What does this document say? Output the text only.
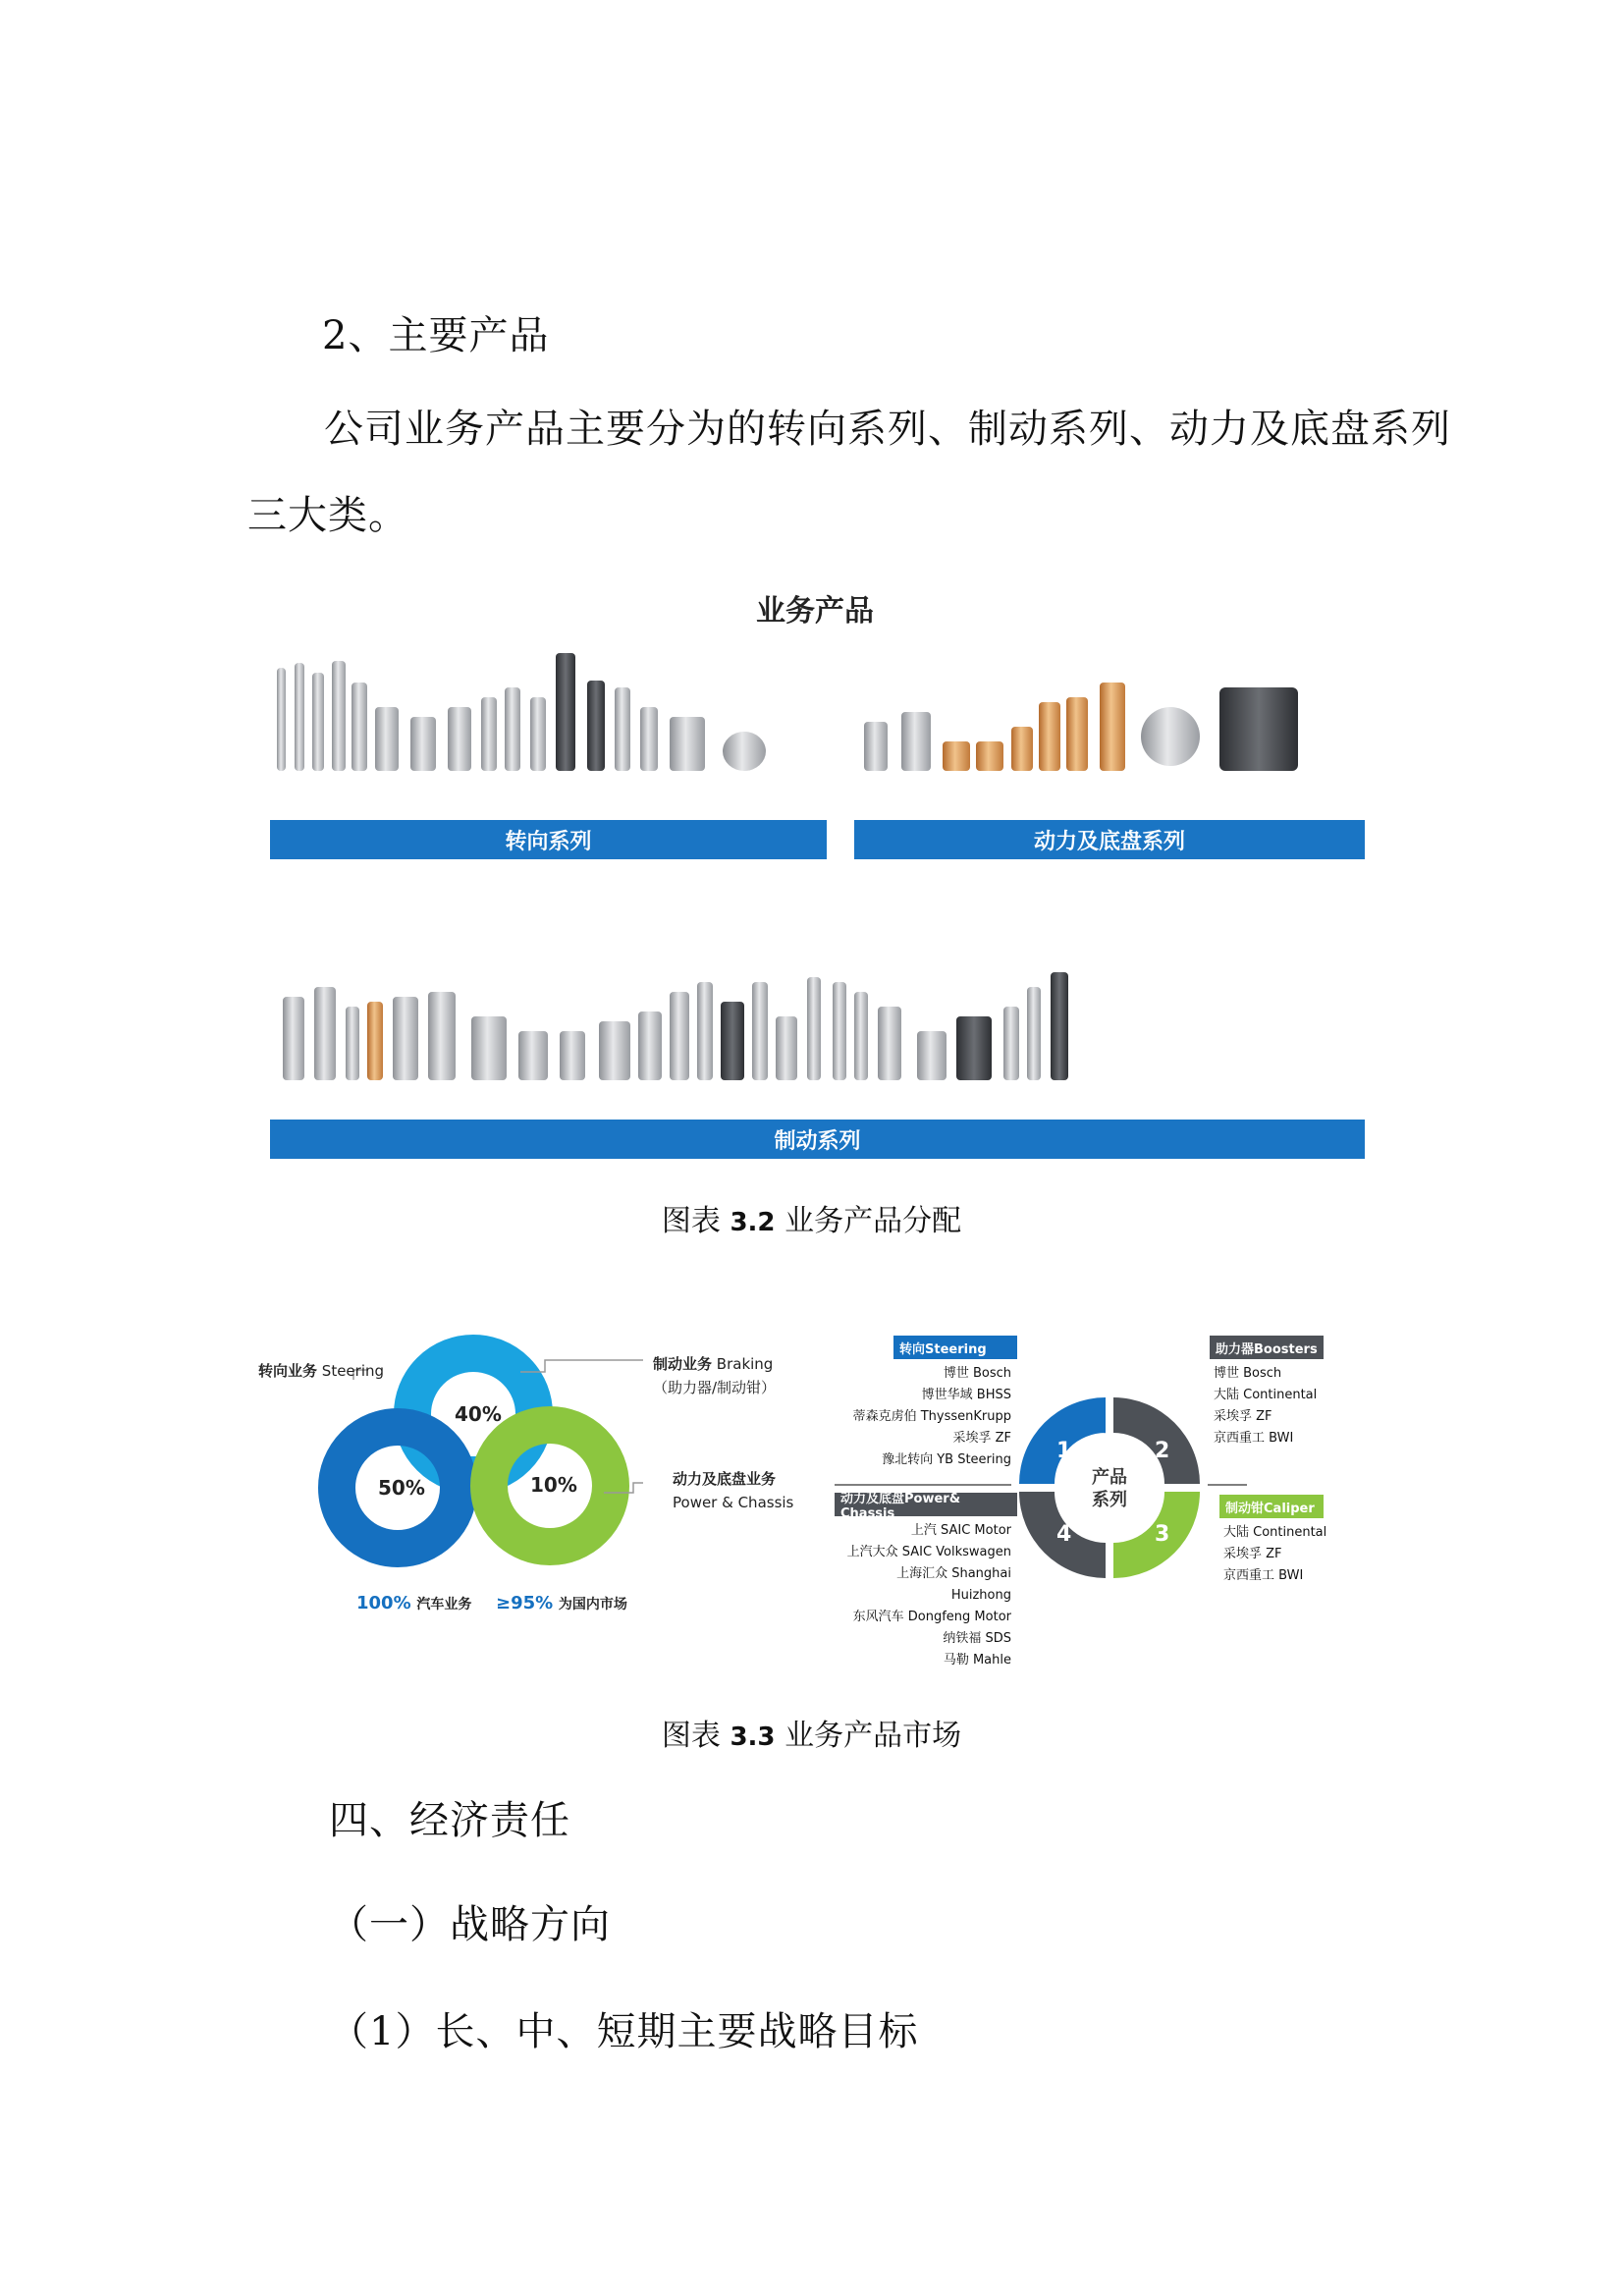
2、主要产品
公司业务产品主要分为的转向系列、制动系列、动力及底盘系列
三大类。
业务产品
转向系列	动力及底盘系列
制动系列
图表 3.2 业务产品分配
转向业务 Steering	制动业务 Braking
（助力器/制动钳）
动力及底盘业务
Power & Chassis
40%
50%	10%
100% 汽车业务 ≥95% 为国内市场
1	2
3
4
产品
系列
转向Steering
博世 Bosch
博世华域 BHSS
蒂森克虏伯 ThyssenKrupp
采埃孚 ZF
豫北转向 YB Steering
助力器Boosters
博世 Bosch
大陆 Continental
采埃孚 ZF
京西重工 BWI
动力及底盘Power& Chassis
上汽 SAIC Motor
上汽大众 SAIC Volkswagen
上海汇众 Shanghai Huizhong
东风汽车 Dongfeng Motor
纳铁福 SDS
马勒 Mahle
制动钳Caliper
大陆 Continental
采埃孚 ZF
京西重工 BWI
图表 3.3 业务产品市场
四、经济责任
（一）战略方向
（1）长、中、短期主要战略目标
